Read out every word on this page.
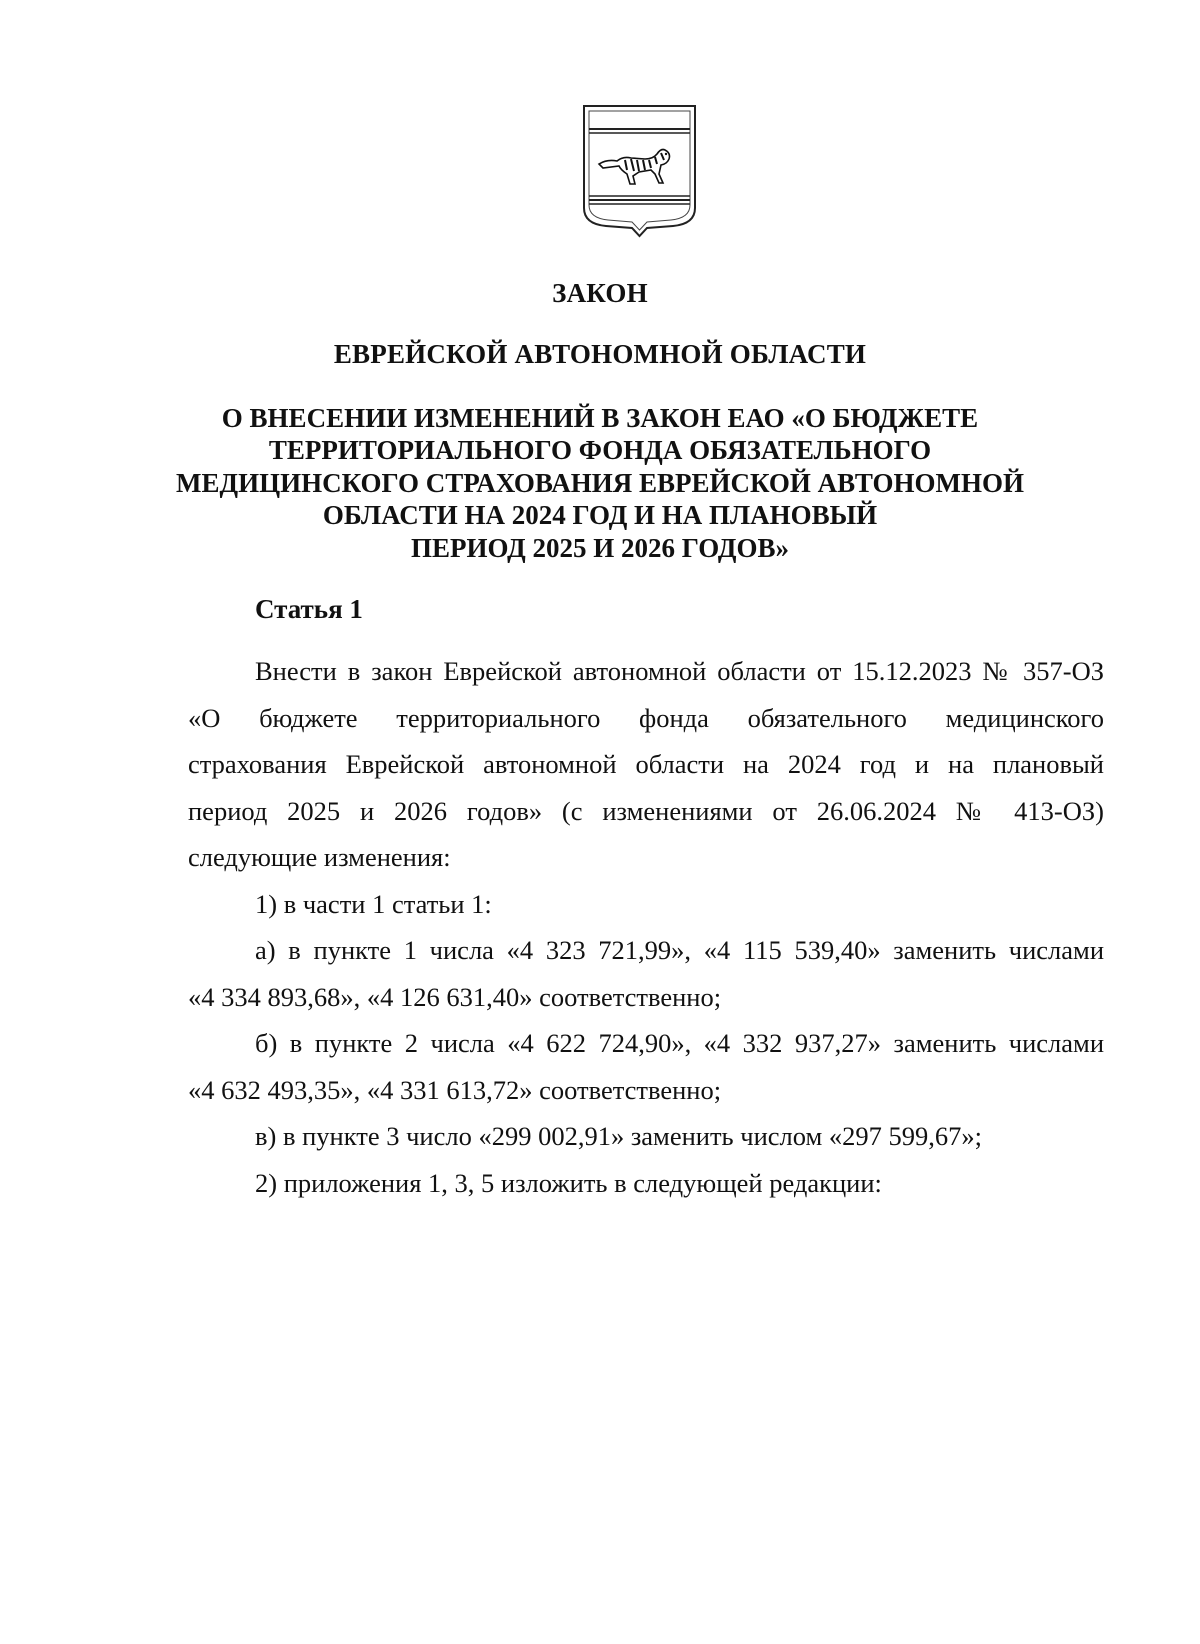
ЗАКОН
ЕВРЕЙСКОЙ АВТОНОМНОЙ ОБЛАСТИ
О ВНЕСЕНИИ ИЗМЕНЕНИЙ В ЗАКОН ЕАО «О БЮДЖЕТЕ
ТЕРРИТОРИАЛЬНОГО ФОНДА ОБЯЗАТЕЛЬНОГО
МЕДИЦИНСКОГО СТРАХОВАНИЯ ЕВРЕЙСКОЙ АВТОНОМНОЙ
ОБЛАСТИ НА 2024 ГОД И НА ПЛАНОВЫЙ
ПЕРИОД 2025 И 2026 ГОДОВ»
Статья 1
Внести в закон Еврейской автономной области от 15.12.2023 № 357-ОЗ
«О бюджете территориального фонда обязательного медицинского
страхования Еврейской автономной области на 2024 год и на плановый
период 2025 и 2026 годов» (с изменениями от 26.06.2024 № 413-ОЗ)
следующие изменения:
1) в части 1 статьи 1:
а) в пункте 1 числа «4 323 721,99», «4 115 539,40» заменить числами
«4 334 893,68», «4 126 631,40» соответственно;
б) в пункте 2 числа «4 622 724,90», «4 332 937,27» заменить числами
«4 632 493,35», «4 331 613,72» соответственно;
в) в пункте 3 число «299 002,91» заменить числом «297 599,67»;
2) приложения 1, 3, 5 изложить в следующей редакции:
